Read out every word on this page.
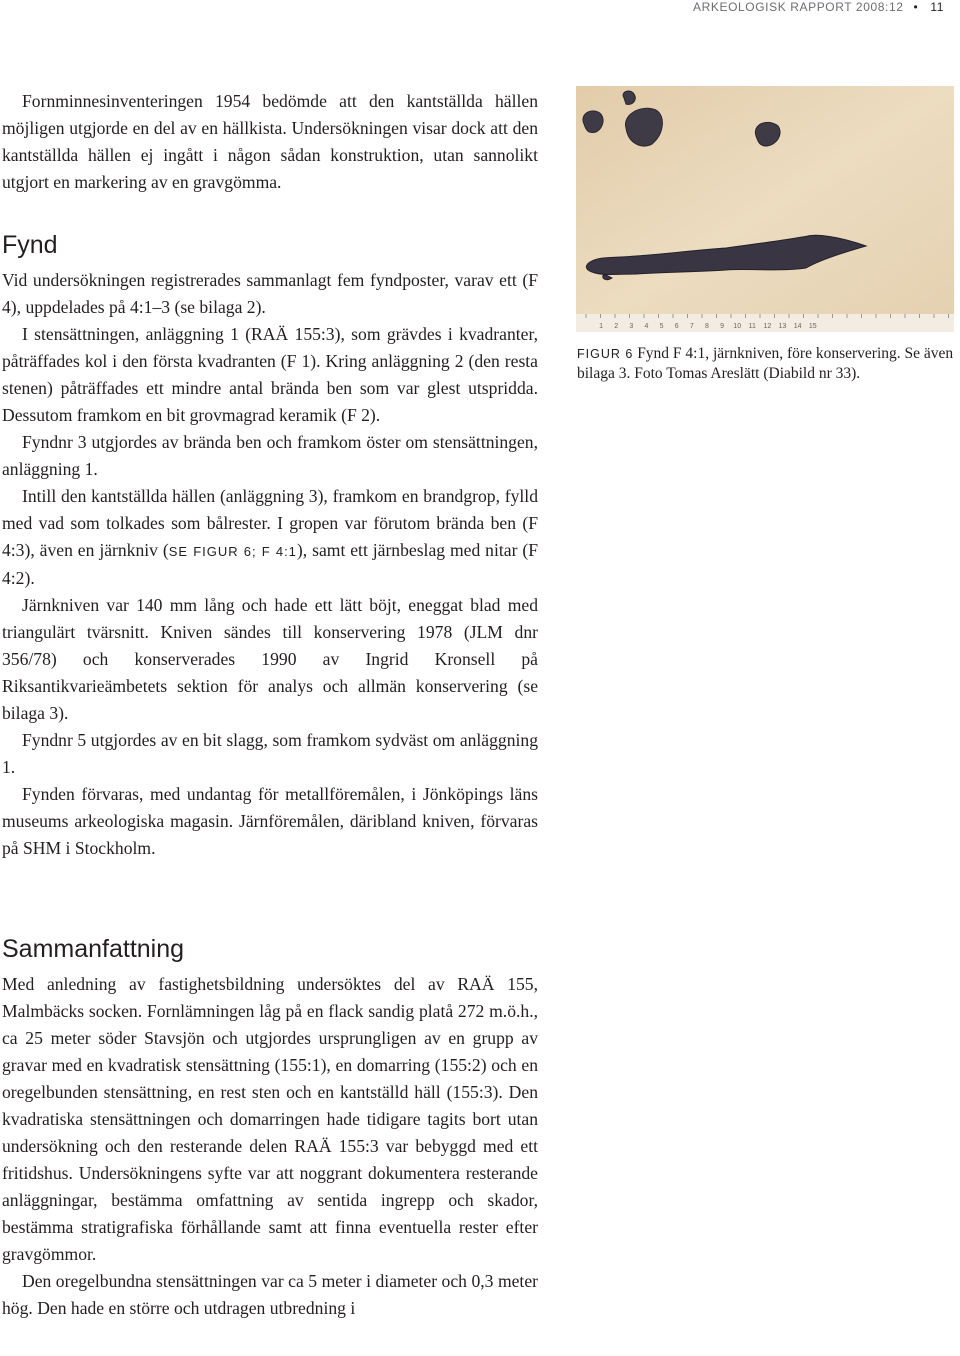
ARKEOLOGISK RAPPORT 2008:12 • 11

Fornminnesinventeringen 1954 bedömde att den kantställda hällen möjligen utgjorde en del av en hällkista. Undersökningen visar dock att den kantställda hällen ej ingått i någon sådan konstruktion, utan sannolikt utgjort en markering av en gravgömma.

Fynd

Vid undersökningen registrerades sammanlagt fem fyndposter, varav ett (F 4), uppdelades på 4:1–3 (se bilaga 2).

I stensättningen, anläggning 1 (RAÄ 155:3), som grävdes i kvadranter, påträffades kol i den första kvadranten (F 1). Kring anläggning 2 (den resta stenen) påträffades ett mindre antal brända ben som var glest utspridda. Dessutom framkom en bit grovmagrad keramik (F 2).

Fyndnr 3 utgjordes av brända ben och framkom öster om stensättningen, anläggning 1.

Intill den kantställda hällen (anläggning 3), framkom en brandgrop, fylld med vad som tolkades som bålrester. I gropen var förutom brända ben (F 4:3), även en järnkniv (SE FIGUR 6; F 4:1), samt ett järnbeslag med nitar (F 4:2).

Järnkniven var 140 mm lång och hade ett lätt böjt, eneggat blad med triangulärt tvärsnitt. Kniven sändes till konservering 1978 (JLM dnr 356/78) och konserverades 1990 av Ingrid Kronsell på Riksantikvarieämbetets sektion för analys och allmän konservering (se bilaga 3).

Fyndnr 5 utgjordes av en bit slagg, som framkom sydväst om anläggning 1.

Fynden förvaras, med undantag för metallföremålen, i Jönköpings läns museums arkeologiska magasin. Järnföremålen, däribland kniven, förvaras på SHM i Stockholm.

Sammanfattning

Med anledning av fastighetsbildning undersöktes del av RAÄ 155, Malmbäcks socken. Fornlämningen låg på en flack sandig platå 272 m.ö.h., ca 25 meter söder Stavsjön och utgjordes ursprungligen av en grupp av gravar med en kvadratisk stensättning (155:1), en domarring (155:2) och en oregelbunden stensättning, en rest sten och en kantställd häll (155:3). Den kvadratiska stensättningen och domarringen hade tidigare tagits bort utan undersökning och den resterande delen RAÄ 155:3 var bebyggd med ett fritidshus. Undersökningens syfte var att noggrant dokumentera resterande anläggningar, bestämma omfattning av sentida ingrepp och skador, bestämma stratigrafiska förhållande samt att finna eventuella rester efter gravgömmor.

Den oregelbundna stensättningen var ca 5 meter i diameter och 0,3 meter hög. Den hade en större och utdragen utbredning i

1 2 3 4 5 6 7 8 9 10 11 12 13 14 15
FIGUR 6 Fynd F 4:1, järnkniven, före konservering. Se även bilaga 3. Foto Tomas Areslätt (Diabild nr 33).
